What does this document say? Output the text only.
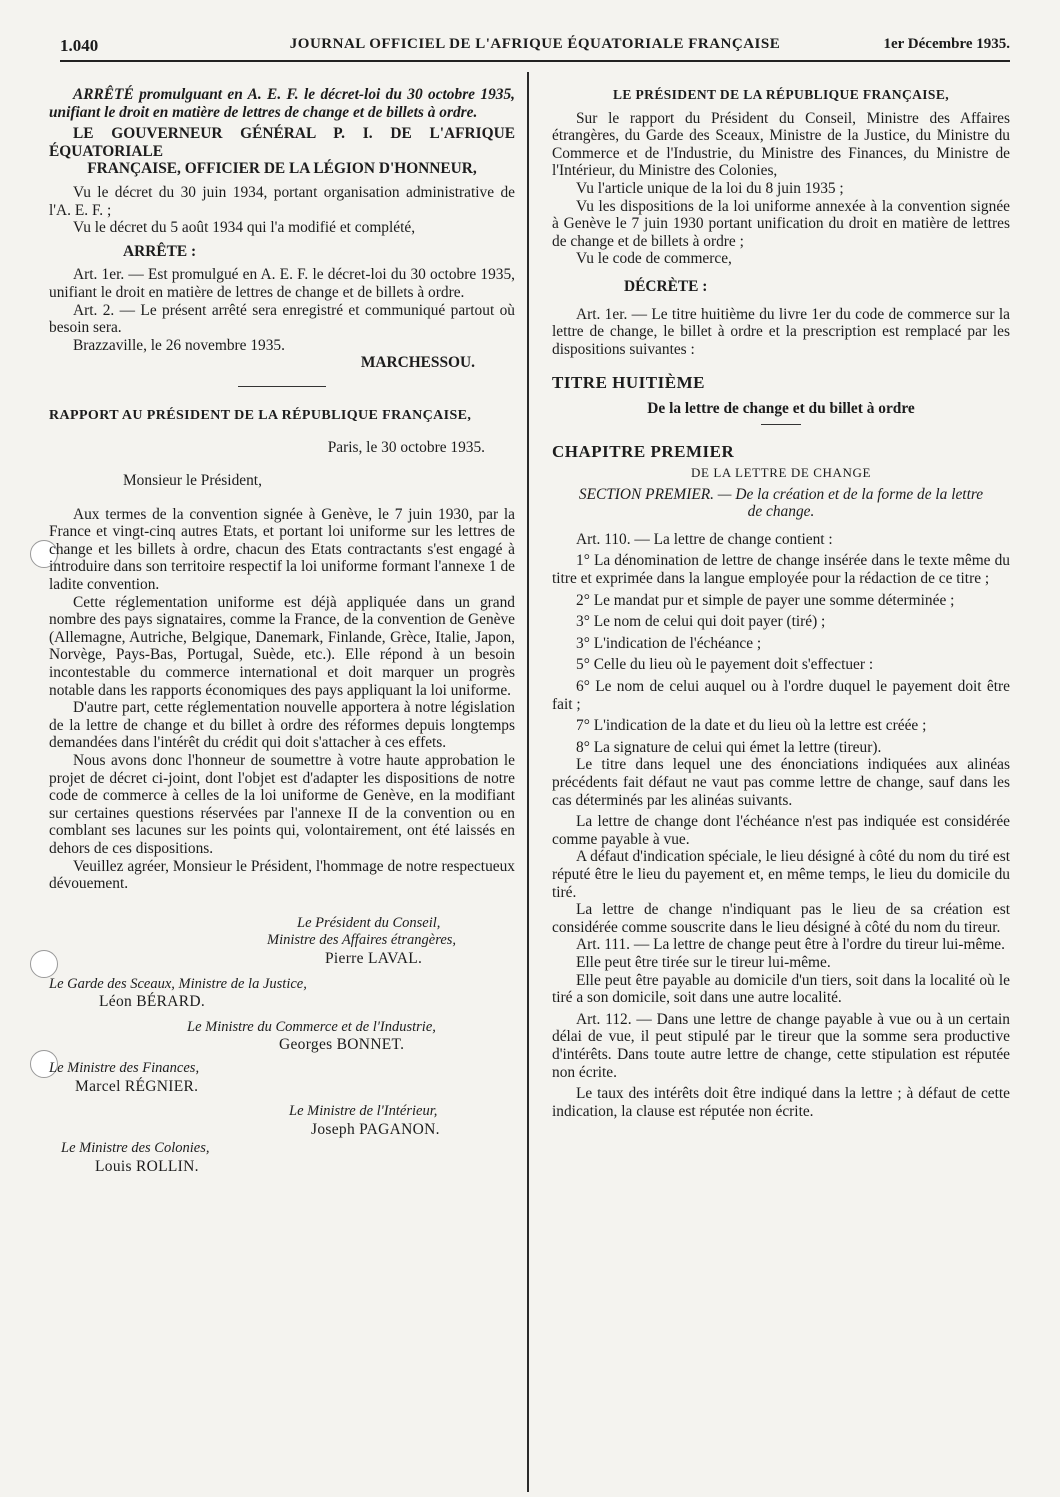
1.040	JOURNAL OFFICIEL DE L'AFRIQUE ÉQUATORIALE FRANÇAISE	1er Décembre 1935.

ARRÊTÉ promulguant en A. E. F. le décret-loi du 30 octobre 1935, unifiant le droit en matière de lettres de change et de billets à ordre.

LE GOUVERNEUR GÉNÉRAL P. I. DE L'AFRIQUE ÉQUATORIALE

FRANÇAISE, OFFICIER DE LA LÉGION D'HONNEUR,

Vu le décret du 30 juin 1934, portant organisation administrative de l'A. E. F. ;

Vu le décret du 5 août 1934 qui l'a modifié et complété,

ARRÊTE :

Art. 1er. — Est promulgué en A. E. F. le décret-loi du 30 octobre 1935, unifiant le droit en matière de lettres de change et de billets à ordre.

Art. 2. — Le présent arrêté sera enregistré et communiqué partout où besoin sera.

Brazzaville, le 26 novembre 1935.

MARCHESSOU.

RAPPORT AU PRÉSIDENT DE LA RÉPUBLIQUE FRANÇAISE,

Paris, le 30 octobre 1935.

Monsieur le Président,

Aux termes de la convention signée à Genève, le 7 juin 1930, par la France et vingt-cinq autres Etats, et portant loi uniforme sur les lettres de change et les billets à ordre, chacun des Etats contractants s'est engagé à introduire dans son territoire respectif la loi uniforme formant l'annexe 1 de ladite convention.

Cette réglementation uniforme est déjà appliquée dans un grand nombre des pays signataires, comme la France, de la convention de Genève (Allemagne, Autriche, Belgique, Danemark, Finlande, Grèce, Italie, Japon, Norvège, Pays-Bas, Portugal, Suède, etc.). Elle répond à un besoin incontestable du commerce international et doit marquer un progrès notable dans les rapports économiques des pays appliquant la loi uniforme.

D'autre part, cette réglementation nouvelle apportera à notre législation de la lettre de change et du billet à ordre des réformes depuis longtemps demandées dans l'intérêt du crédit qui doit s'attacher à ces effets.

Nous avons donc l'honneur de soumettre à votre haute approbation le projet de décret ci-joint, dont l'objet est d'adapter les dispositions de notre code de commerce à celles de la loi uniforme de Genève, en la modifiant sur certaines questions réservées par l'annexe II de la convention ou en comblant ses lacunes sur les points qui, volontairement, ont été laissés en dehors de ces dispositions.

Veuillez agréer, Monsieur le Président, l'hommage de notre respectueux dévouement.

Le Président du Conseil,

Ministre des Affaires étrangères,

Pierre LAVAL.

Le Garde des Sceaux, Ministre de la Justice,

Léon BÉRARD.

Le Ministre du Commerce et de l'Industrie,

Georges BONNET.

Le Ministre des Finances,

Marcel RÉGNIER.

Le Ministre de l'Intérieur,

Joseph PAGANON.

Le Ministre des Colonies,

Louis ROLLIN.

LE PRÉSIDENT DE LA RÉPUBLIQUE FRANÇAISE,

Sur le rapport du Président du Conseil, Ministre des Affaires étrangères, du Garde des Sceaux, Ministre de la Justice, du Ministre du Commerce et de l'Industrie, du Ministre des Finances, du Ministre de l'Intérieur, du Ministre des Colonies,

Vu l'article unique de la loi du 8 juin 1935 ;

Vu les dispositions de la loi uniforme annexée à la convention signée à Genève le 7 juin 1930 portant unification du droit en matière de lettres de change et de billets à ordre ;

Vu le code de commerce,

DÉCRÈTE :

Art. 1er. — Le titre huitième du livre 1er du code de commerce sur la lettre de change, le billet à ordre et la prescription est remplacé par les dispositions suivantes :

TITRE HUITIÈME

De la lettre de change et du billet à ordre

CHAPITRE PREMIER

DE LA LETTRE DE CHANGE

SECTION PREMIER. — De la création et de la forme de la lettre de change.

Art. 110. — La lettre de change contient :

1° La dénomination de lettre de change insérée dans le texte même du titre et exprimée dans la langue employée pour la rédaction de ce titre ;

2° Le mandat pur et simple de payer une somme déterminée ;

3° Le nom de celui qui doit payer (tiré) ;

3° L'indication de l'échéance ;

5° Celle du lieu où le payement doit s'effectuer :

6° Le nom de celui auquel ou à l'ordre duquel le payement doit être fait ;

7° L'indication de la date et du lieu où la lettre est créée ;

8° La signature de celui qui émet la lettre (tireur).

Le titre dans lequel une des énonciations indiquées aux alinéas précédents fait défaut ne vaut pas comme lettre de change, sauf dans les cas déterminés par les alinéas suivants.

La lettre de change dont l'échéance n'est pas indiquée est considérée comme payable à vue.

A défaut d'indication spéciale, le lieu désigné à côté du nom du tiré est réputé être le lieu du payement et, en même temps, le lieu du domicile du tiré.

La lettre de change n'indiquant pas le lieu de sa création est considérée comme souscrite dans le lieu désigné à côté du nom du tireur.

Art. 111. — La lettre de change peut être à l'ordre du tireur lui-même.

Elle peut être tirée sur le tireur lui-même.

Elle peut être payable au domicile d'un tiers, soit dans la localité où le tiré a son domicile, soit dans une autre localité.

Art. 112. — Dans une lettre de change payable à vue ou à un certain délai de vue, il peut stipulé par le tireur que la somme sera productive d'intérêts. Dans toute autre lettre de change, cette stipulation est réputée non écrite.

Le taux des intérêts doit être indiqué dans la lettre ; à défaut de cette indication, la clause est réputée non écrite.
